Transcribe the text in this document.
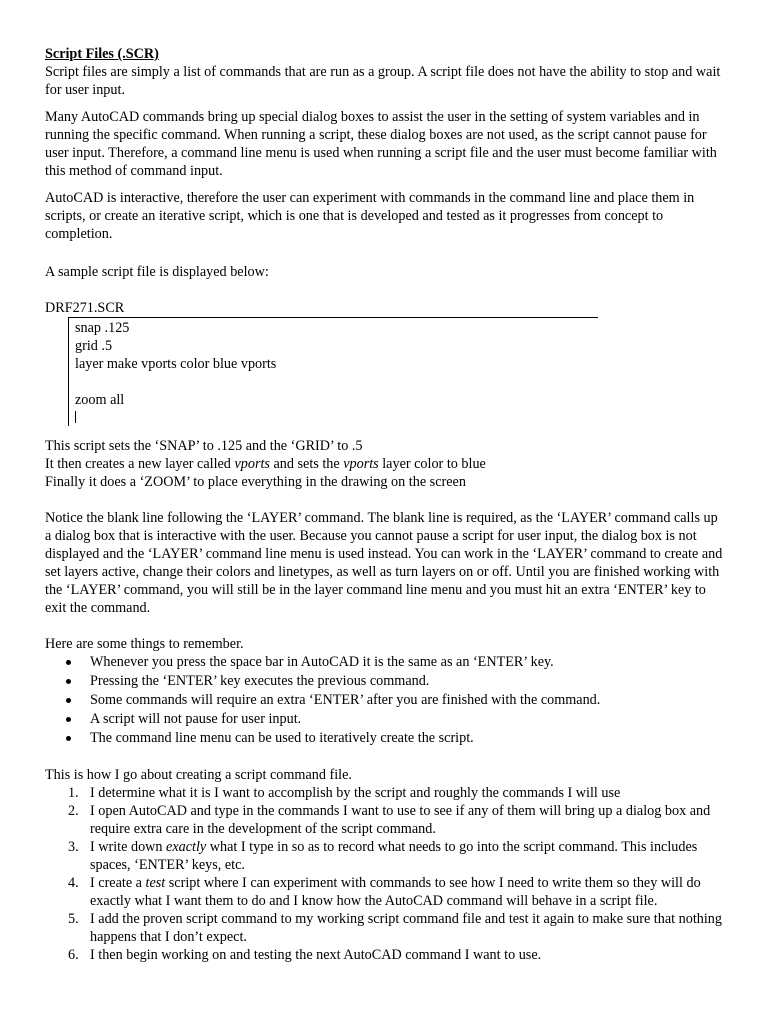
Script Files (.SCR)

Script files are simply a list of commands that are run as a group. A script file does not have the ability to stop and wait for user input.

Many AutoCAD commands bring up special dialog boxes to assist the user in the setting of system variables and in running the specific command. When running a script, these dialog boxes are not used, as the script cannot pause for user input. Therefore, a command line menu is used when running a script file and the user must become familiar with this method of command input.

AutoCAD is interactive, therefore the user can experiment with commands in the command line and place them in scripts, or create an iterative script, which is one that is developed and tested as it progresses from concept to completion.

A sample script file is displayed below:

DRF271.SCR

snap .125
grid .5
layer make vports color blue vports
zoom all

This script sets the ‘SNAP’ to .125 and the ‘GRID’ to .5

It then creates a new layer called vports and sets the vports layer color to blue

Finally it does a ‘ZOOM’ to place everything in the drawing on the screen

Notice the blank line following the ‘LAYER’ command. The blank line is required, as the ‘LAYER’ command calls up a dialog box that is interactive with the user. Because you cannot pause a script for user input, the dialog box is not displayed and the ‘LAYER’ command line menu is used instead. You can work in the ‘LAYER’ command to create and set layers active, change their colors and linetypes, as well as turn layers on or off. Until you are finished working with the ‘LAYER’ command, you will still be in the layer command line menu and you must hit an extra ‘ENTER’ key to exit the command.

Here are some things to remember.

Whenever you press the space bar in AutoCAD it is the same as an ‘ENTER’ key.
Pressing the ‘ENTER’ key executes the previous command.
Some commands will require an extra ‘ENTER’ after you are finished with the command.
A script will not pause for user input.
The command line menu can be used to iteratively create the script.

This is how I go about creating a script command file.

1. I determine what it is I want to accomplish by the script and roughly the commands I will use
2. I open AutoCAD and type in the commands I want to use to see if any of them will bring up a dialog box and require extra care in the development of the script command.
3. I write down exactly what I type in so as to record what needs to go into the script command. This includes spaces, ‘ENTER’ keys, etc.
4. I create a test script where I can experiment with commands to see how I need to write them so they will do exactly what I want them to do and I know how the AutoCAD command will behave in a script file.
5. I add the proven script command to my working script command file and test it again to make sure that nothing happens that I don’t expect.
6. I then begin working on and testing the next AutoCAD command I want to use.
